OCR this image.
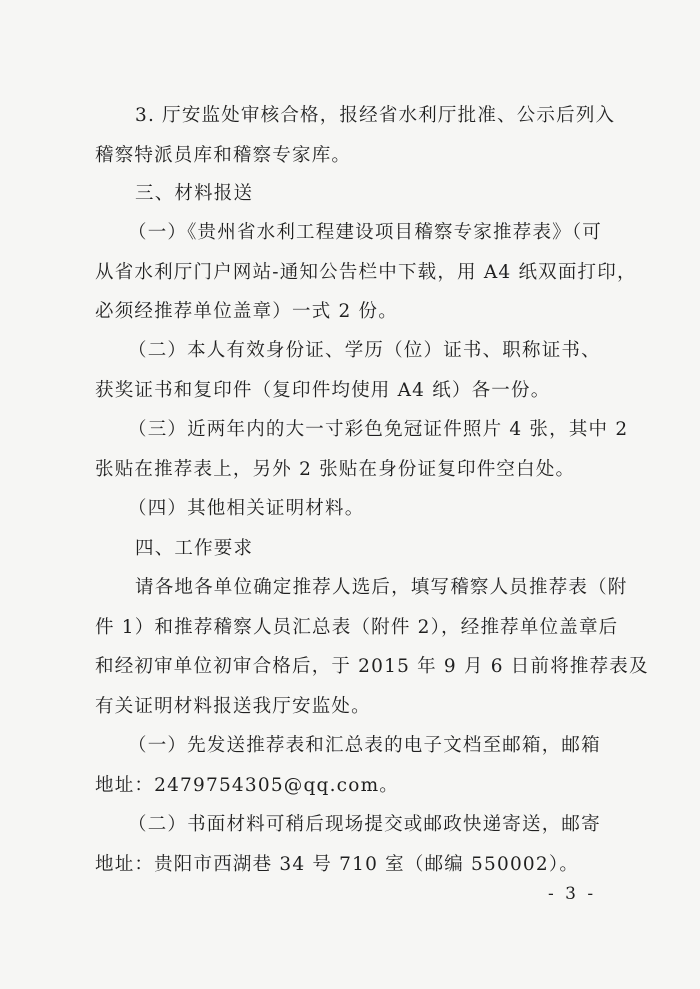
3. 厅安监处审核合格，报经省水利厅批准、公示后列入
稽察特派员库和稽察专家库。
三、材料报送
（一）《贵州省水利工程建设项目稽察专家推荐表》（可
从省水利厅门户网站-通知公告栏中下载，用 A4 纸双面打印，
必须经推荐单位盖章）一式 2 份。
（二）本人有效身份证、学历（位）证书、职称证书、
获奖证书和复印件（复印件均使用 A4 纸）各一份。
（三）近两年内的大一寸彩色免冠证件照片 4 张，其中 2
张贴在推荐表上，另外 2 张贴在身份证复印件空白处。
（四）其他相关证明材料。
四、工作要求
请各地各单位确定推荐人选后，填写稽察人员推荐表（附
件 1）和推荐稽察人员汇总表（附件 2），经推荐单位盖章后
和经初审单位初审合格后，于 2015 年 9 月 6 日前将推荐表及
有关证明材料报送我厅安监处。
（一）先发送推荐表和汇总表的电子文档至邮箱，邮箱
地址：2479754305@qq.com。
（二）书面材料可稍后现场提交或邮政快递寄送，邮寄
地址：贵阳市西湖巷 34 号 710 室（邮编 550002）。
- 3 -
